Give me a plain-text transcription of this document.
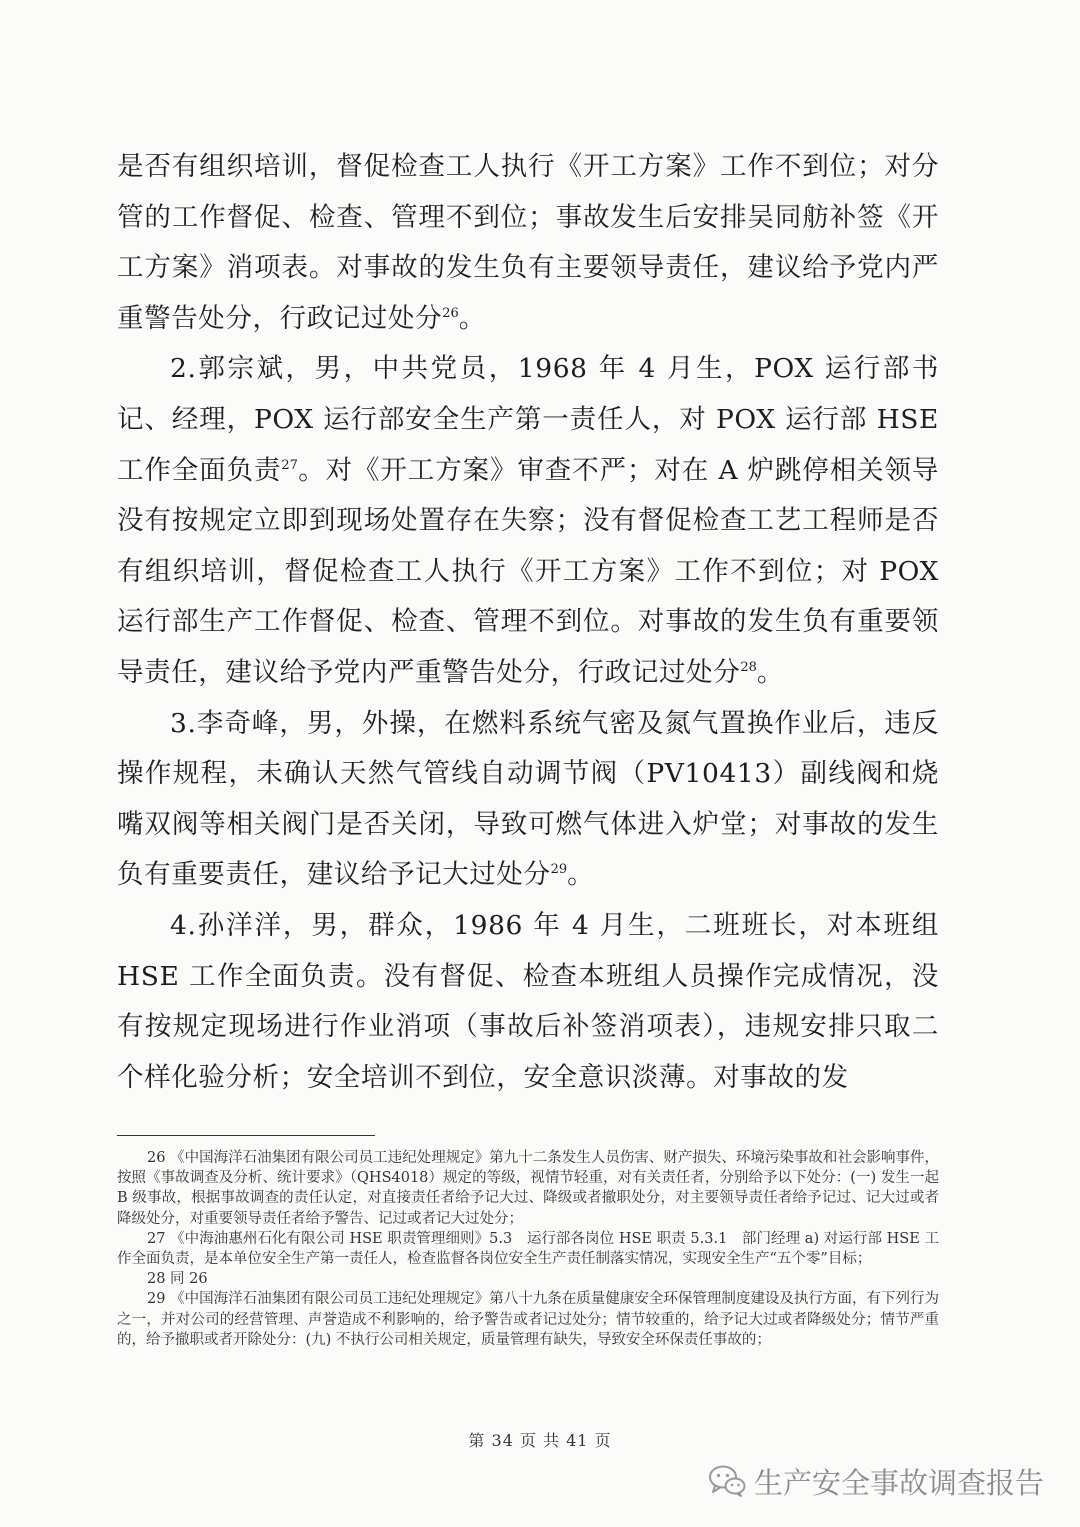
是否有组织培训，督促检查工人执行《开工方案》工作不到位；对分管的工作督促、检查、管理不到位；事故发生后安排吴同舫补签《开工方案》消项表。对事故的发生负有主要领导责任，建议给予党内严重警告处分，行政记过处分$^{26}$。

2.郭宗斌，男，中共党员，1968 年 4 月生，POX 运行部书记、经理，POX 运行部安全生产第一责任人，对 POX 运行部 HSE 工作全面负责$^{27}$。对《开工方案》审查不严；对在 A 炉跳停相关领导没有按规定立即到现场处置存在失察；没有督促检查工艺工程师是否有组织培训，督促检查工人执行《开工方案》工作不到位；对 POX 运行部生产工作督促、检查、管理不到位。对事故的发生负有重要领导责任，建议给予党内严重警告处分，行政记过处分$^{28}$。

3.李奇峰，男，外操，在燃料系统气密及氮气置换作业后，违反操作规程，未确认天然气管线自动调节阀（PV10413）副线阀和烧嘴双阀等相关阀门是否关闭，导致可燃气体进入炉堂；对事故的发生负有重要责任，建议给予记大过处分$^{29}$。

4.孙洋洋，男，群众，1986 年 4 月生，二班班长，对本班组 HSE 工作全面负责。没有督促、检查本班组人员操作完成情况，没有按规定现场进行作业消项（事故后补签消项表），违规安排只取二个样化验分析；安全培训不到位，安全意识淡薄。对事故的发

26 《中国海洋石油集团有限公司员工违纪处理规定》第九十二条发生人员伤害、财产损失、环境污染事故和社会影响事件，按照《事故调查及分析、统计要求》（QHS4018）规定的等级，视情节轻重，对有关责任者，分别给予以下处分：(一) 发生一起 B 级事故，根据事故调查的责任认定，对直接责任者给予记大过、降级或者撤职处分，对主要领导责任者给予记过、记大过或者降级处分，对重要领导责任者给予警告、记过或者记大过处分；

27 《中海油惠州石化有限公司 HSE 职责管理细则》5.3　运行部各岗位 HSE 职责 5.3.1　部门经理 a) 对运行部 HSE 工作全面负责，是本单位安全生产第一责任人，检查监督各岗位安全生产责任制落实情况，实现安全生产“五个零”目标；

28 同 26

29 《中国海洋石油集团有限公司员工违纪处理规定》第八十九条在质量健康安全环保管理制度建设及执行方面，有下列行为之一，并对公司的经营管理、声誉造成不利影响的，给予警告或者记过处分；情节较重的，给予记大过或者降级处分；情节严重的，给予撤职或者开除处分：(九) 不执行公司相关规定，质量管理有缺失，导致安全环保责任事故的；

第 34 页 共 41 页
生产安全事故调查报告
